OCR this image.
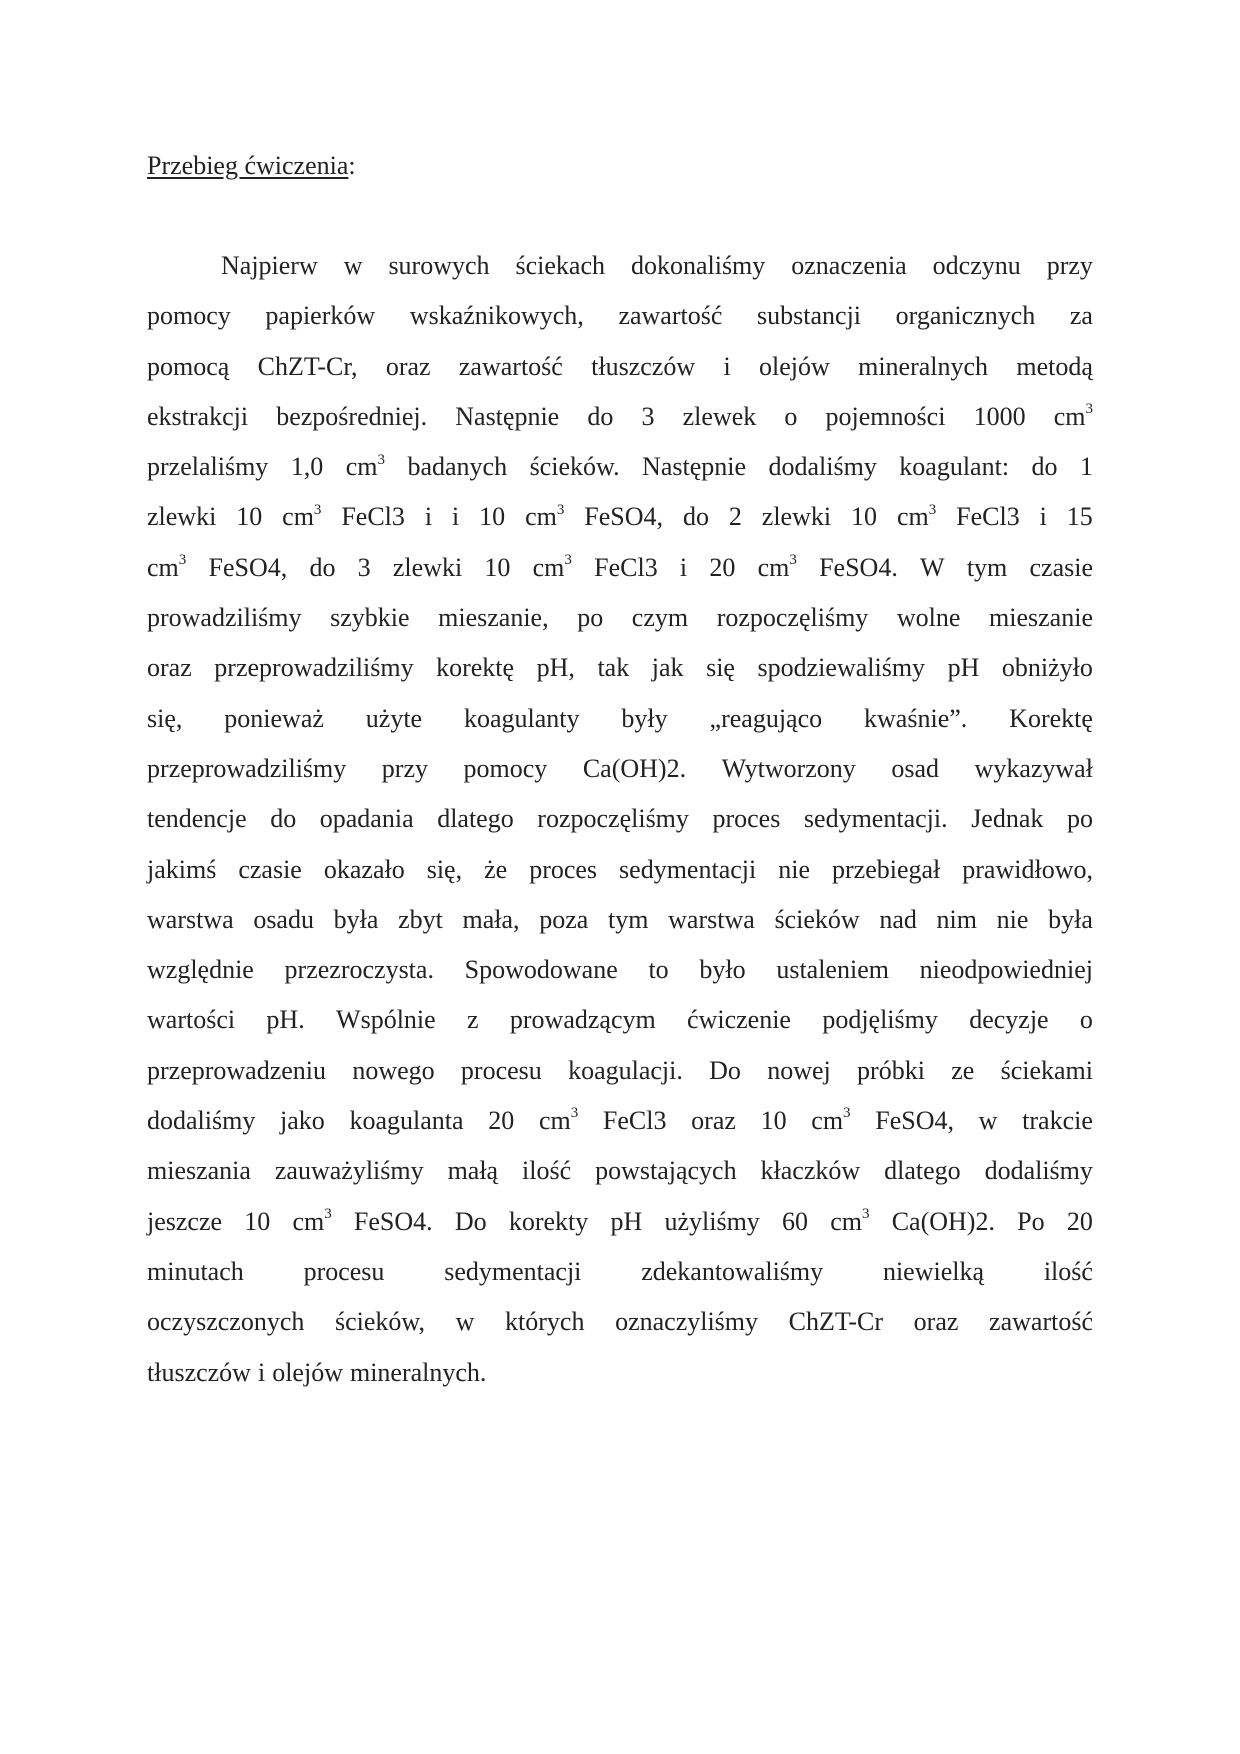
Przebieg ćwiczenia:
Najpierw w surowych ściekach dokonaliśmy oznaczenia odczynu przy
pomocy papierków wskaźnikowych, zawartość substancji organicznych za
pomocą ChZT-Cr, oraz zawartość tłuszczów i olejów mineralnych metodą
ekstrakcji bezpośredniej. Następnie do 3 zlewek o pojemności 1000 $cm^3$
przelaliśmy 1,0 $cm^3$ badanych ścieków. Następnie dodaliśmy koagulant: do 1
zlewki 10 $cm^3$ FeCl3 i i 10 $cm^3$ FeSO4, do 2 zlewki 10 $cm^3$ FeCl3 i 15
$cm^3$ FeSO4, do 3 zlewki 10 $cm^3$ FeCl3 i 20 $cm^3$ FeSO4. W tym czasie
prowadziliśmy szybkie mieszanie, po czym rozpoczęliśmy wolne mieszanie
oraz przeprowadziliśmy korektę pH, tak jak się spodziewaliśmy pH obniżyło
się, ponieważ użyte koagulanty były „reagująco kwaśnie”. Korektę
przeprowadziliśmy przy pomocy Ca(OH)2. Wytworzony osad wykazywał
tendencje do opadania dlatego rozpoczęliśmy proces sedymentacji. Jednak po
jakimś czasie okazało się, że proces sedymentacji nie przebiegał prawidłowo,
warstwa osadu była zbyt mała, poza tym warstwa ścieków nad nim nie była
względnie przezroczysta. Spowodowane to było ustaleniem nieodpowiedniej
wartości pH. Wspólnie z prowadzącym ćwiczenie podjęliśmy decyzje o
przeprowadzeniu nowego procesu koagulacji. Do nowej próbki ze ściekami
dodaliśmy jako koagulanta 20 $cm^3$ FeCl3 oraz 10 $cm^3$ FeSO4, w trakcie
mieszania zauważyliśmy małą ilość powstających kłaczków dlatego dodaliśmy
jeszcze 10 $cm^3$ FeSO4. Do korekty pH użyliśmy 60 $cm^3$ Ca(OH)2. Po 20
minutach procesu sedymentacji zdekantowaliśmy niewielką ilość
oczyszczonych ścieków, w których oznaczyliśmy ChZT-Cr oraz zawartość
tłuszczów i olejów mineralnych.
